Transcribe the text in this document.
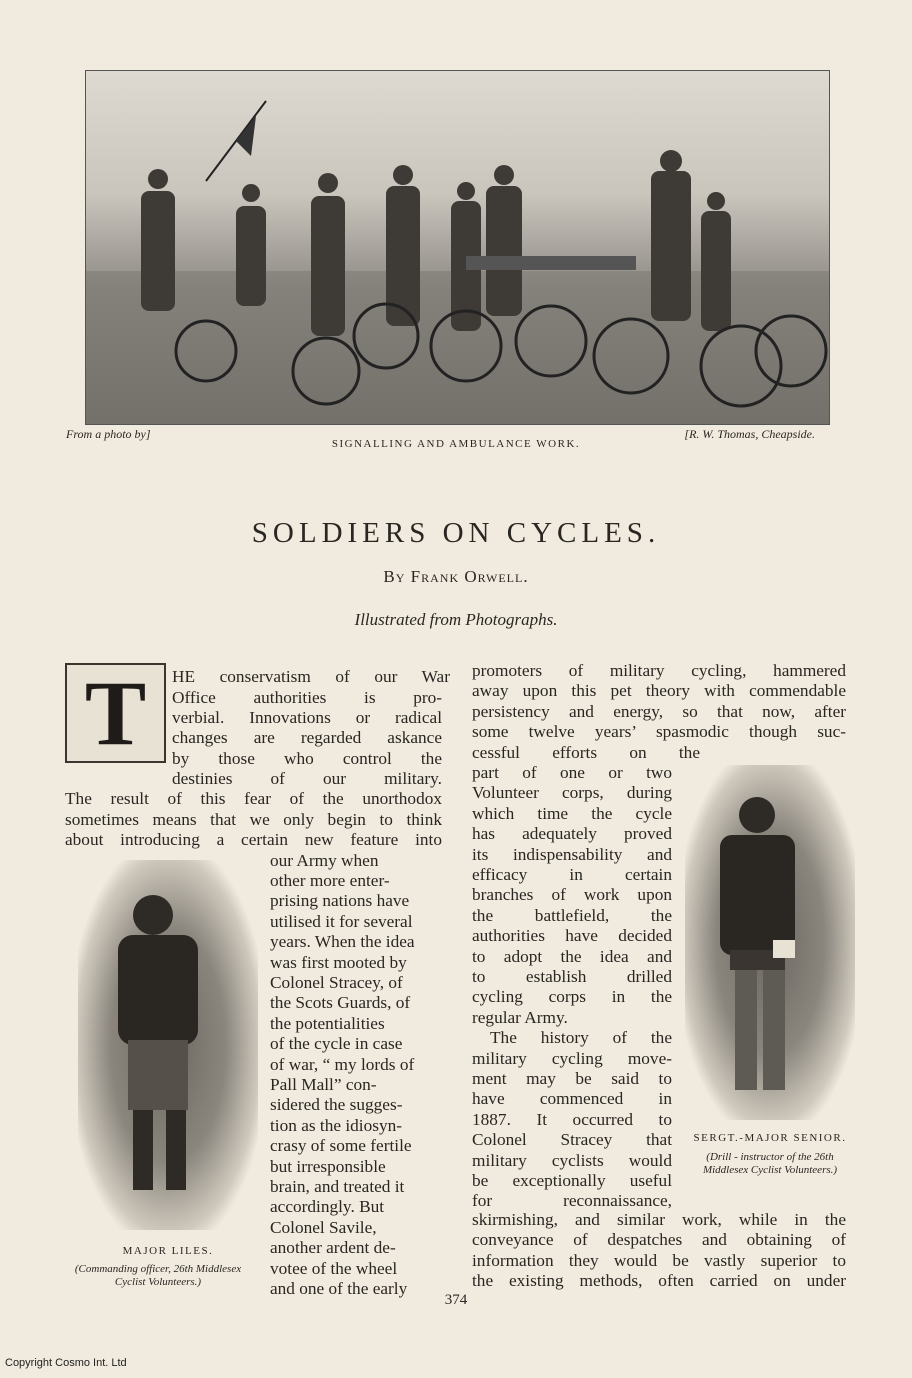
From a photo by]	[R. W. Thomas, Cheapside.
SIGNALLING AND AMBULANCE WORK.
SOLDIERS ON CYCLES.
By Frank Orwell.
Illustrated from Photographs.
T	HE conservatism of our War
Office authorities is pro-
verbial. Innovations or radical
changes are regarded askance
by those who control the
destinies of our military.
The result of this fear of the unorthodox
sometimes means that we only begin to think
about introducing a certain new feature into
our Army when
other more enter-
prising nations have
utilised it for several
years. When the idea
was first mooted by
Colonel Stracey, of
the Scots Guards, of
the potentialities
of the cycle in case
of war, “ my lords of
Pall Mall” con-
sidered the sugges-
tion as the idiosyn-
crasy of some fertile
but irresponsible
brain, and treated it
accordingly. But
Colonel Savile,
another ardent de-
votee of the wheel
and one of the early
MAJOR LILES.
(Commanding officer, 26th Middlesex Cyclist Volunteers.)
promoters of military cycling, hammered
away upon this pet theory with commendable
persistency and energy, so that now, after
some twelve years’ spasmodic though suc-
cessful efforts on the
part of one or two
Volunteer corps, during
which time the cycle
has adequately proved
its indispensability and
efficacy in certain
branches of work upon
the battlefield, the
authorities have decided
to adopt the idea and
to establish drilled
cycling corps in the
regular Army.
The history of the
military cycling move-
ment may be said to
have commenced in
1887. It occurred to
Colonel Stracey that
military cyclists would
be exceptionally useful
for reconnaissance,
skirmishing, and similar work, while in the
conveyance of despatches and obtaining of
information they would be vastly superior to
the existing methods, often carried on under
SERGT.-MAJOR SENIOR.
(Drill - instructor of the 26th Middlesex Cyclist Volunteers.)
374
Copyright Cosmo Int. Ltd
